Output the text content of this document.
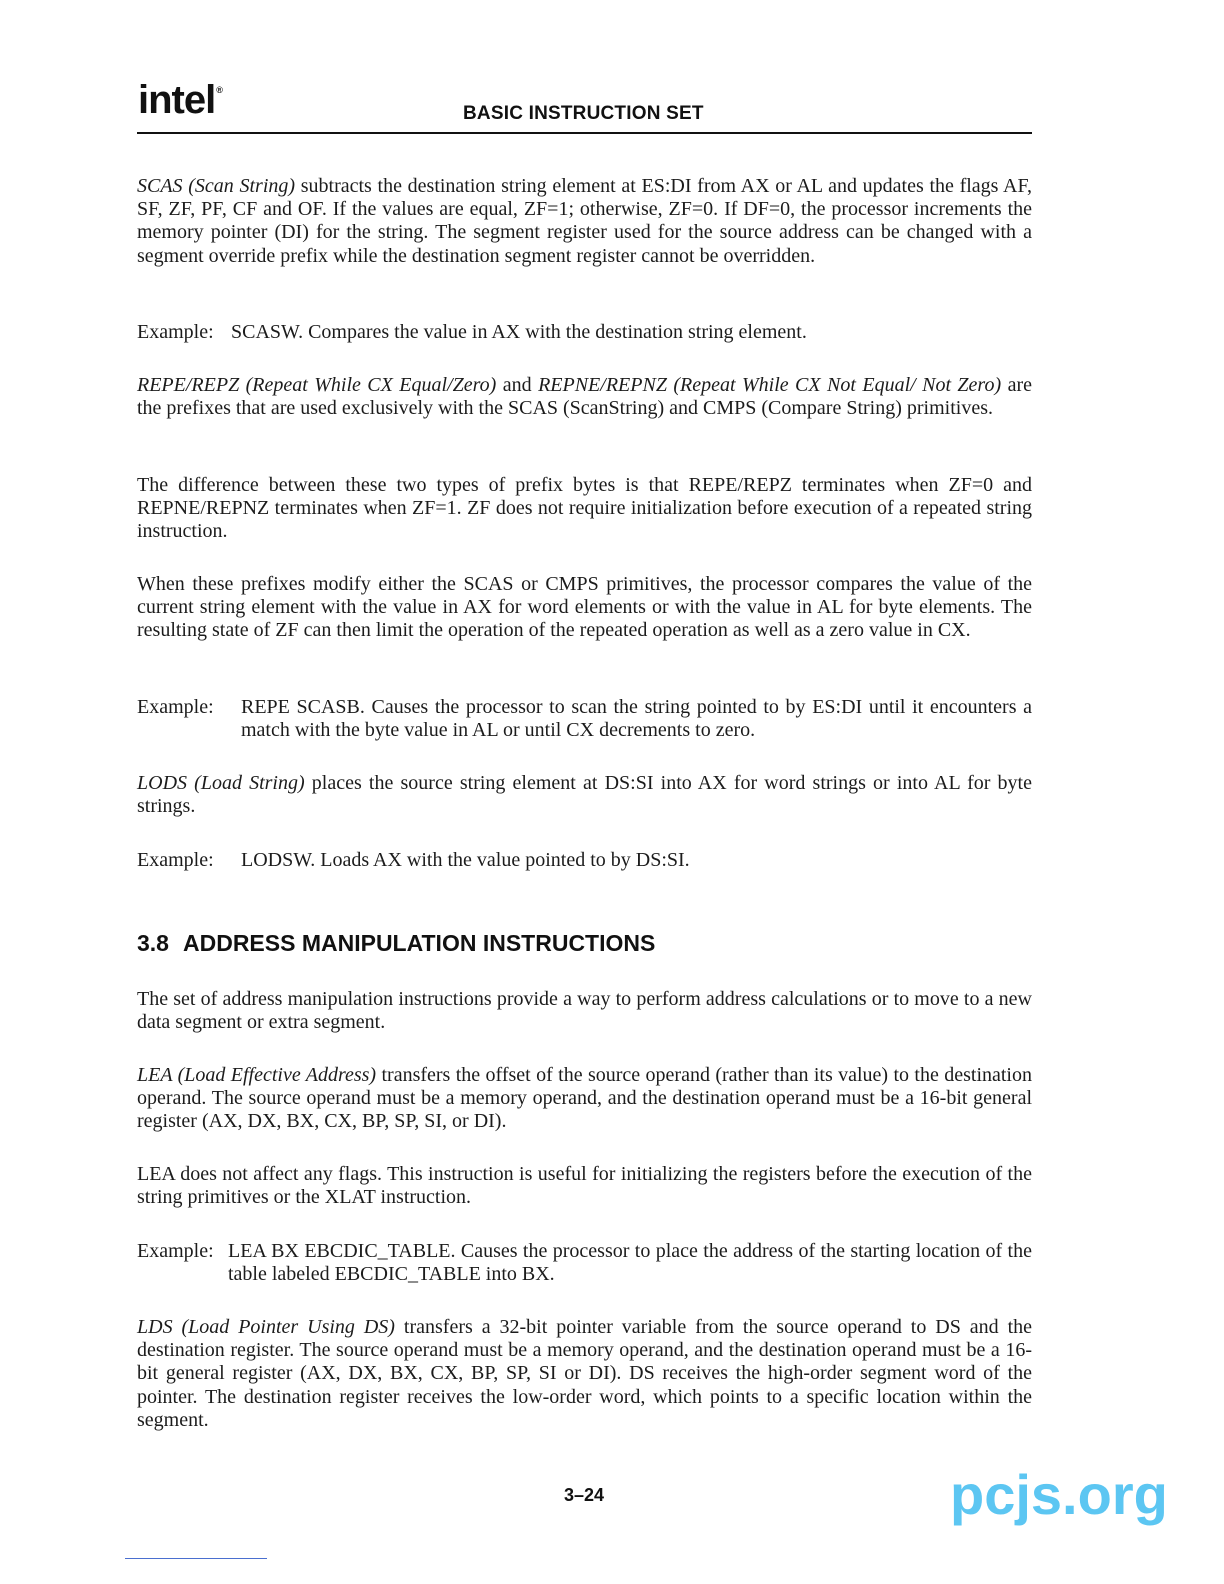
intel®
BASIC INSTRUCTION SET
SCAS (Scan String) subtracts the destination string element at ES:DI from AX or AL and updates the flags AF, SF, ZF, PF, CF and OF. If the values are equal, ZF=1; otherwise, ZF=0. If DF=0, the processor increments the memory pointer (DI) for the string. The segment register used for the source address can be changed with a segment override prefix while the destination segment register cannot be overridden.
Example: SCASW. Compares the value in AX with the destination string element.
REPE/REPZ (Repeat While CX Equal/Zero) and REPNE/REPNZ (Repeat While CX Not Equal/ Not Zero) are the prefixes that are used exclusively with the SCAS (ScanString) and CMPS (Compare String) primitives.
The difference between these two types of prefix bytes is that REPE/REPZ terminates when ZF=0 and REPNE/REPNZ terminates when ZF=1. ZF does not require initialization before execution of a repeated string instruction.
When these prefixes modify either the SCAS or CMPS primitives, the processor compares the value of the current string element with the value in AX for word elements or with the value in AL for byte elements. The resulting state of ZF can then limit the operation of the repeated operation as well as a zero value in CX.
Example: REPE SCASB. Causes the processor to scan the string pointed to by ES:DI until it encounters a match with the byte value in AL or until CX decrements to zero.
LODS (Load String) places the source string element at DS:SI into AX for word strings or into AL for byte strings.
Example: LODSW. Loads AX with the value pointed to by DS:SI.
3.8 ADDRESS MANIPULATION INSTRUCTIONS
The set of address manipulation instructions provide a way to perform address calculations or to move to a new data segment or extra segment.
LEA (Load Effective Address) transfers the offset of the source operand (rather than its value) to the destination operand. The source operand must be a memory operand, and the destination operand must be a 16-bit general register (AX, DX, BX, CX, BP, SP, SI, or DI).
LEA does not affect any flags. This instruction is useful for initializing the registers before the execution of the string primitives or the XLAT instruction.
Example: LEA BX EBCDIC_TABLE. Causes the processor to place the address of the starting location of the table labeled EBCDIC_TABLE into BX.
LDS (Load Pointer Using DS) transfers a 32-bit pointer variable from the source operand to DS and the destination register. The source operand must be a memory operand, and the destination operand must be a 16-bit general register (AX, DX, BX, CX, BP, SP, SI or DI). DS receives the high-order segment word of the pointer. The destination register receives the low-order word, which points to a specific location within the segment.
3–24	pcjs.org
